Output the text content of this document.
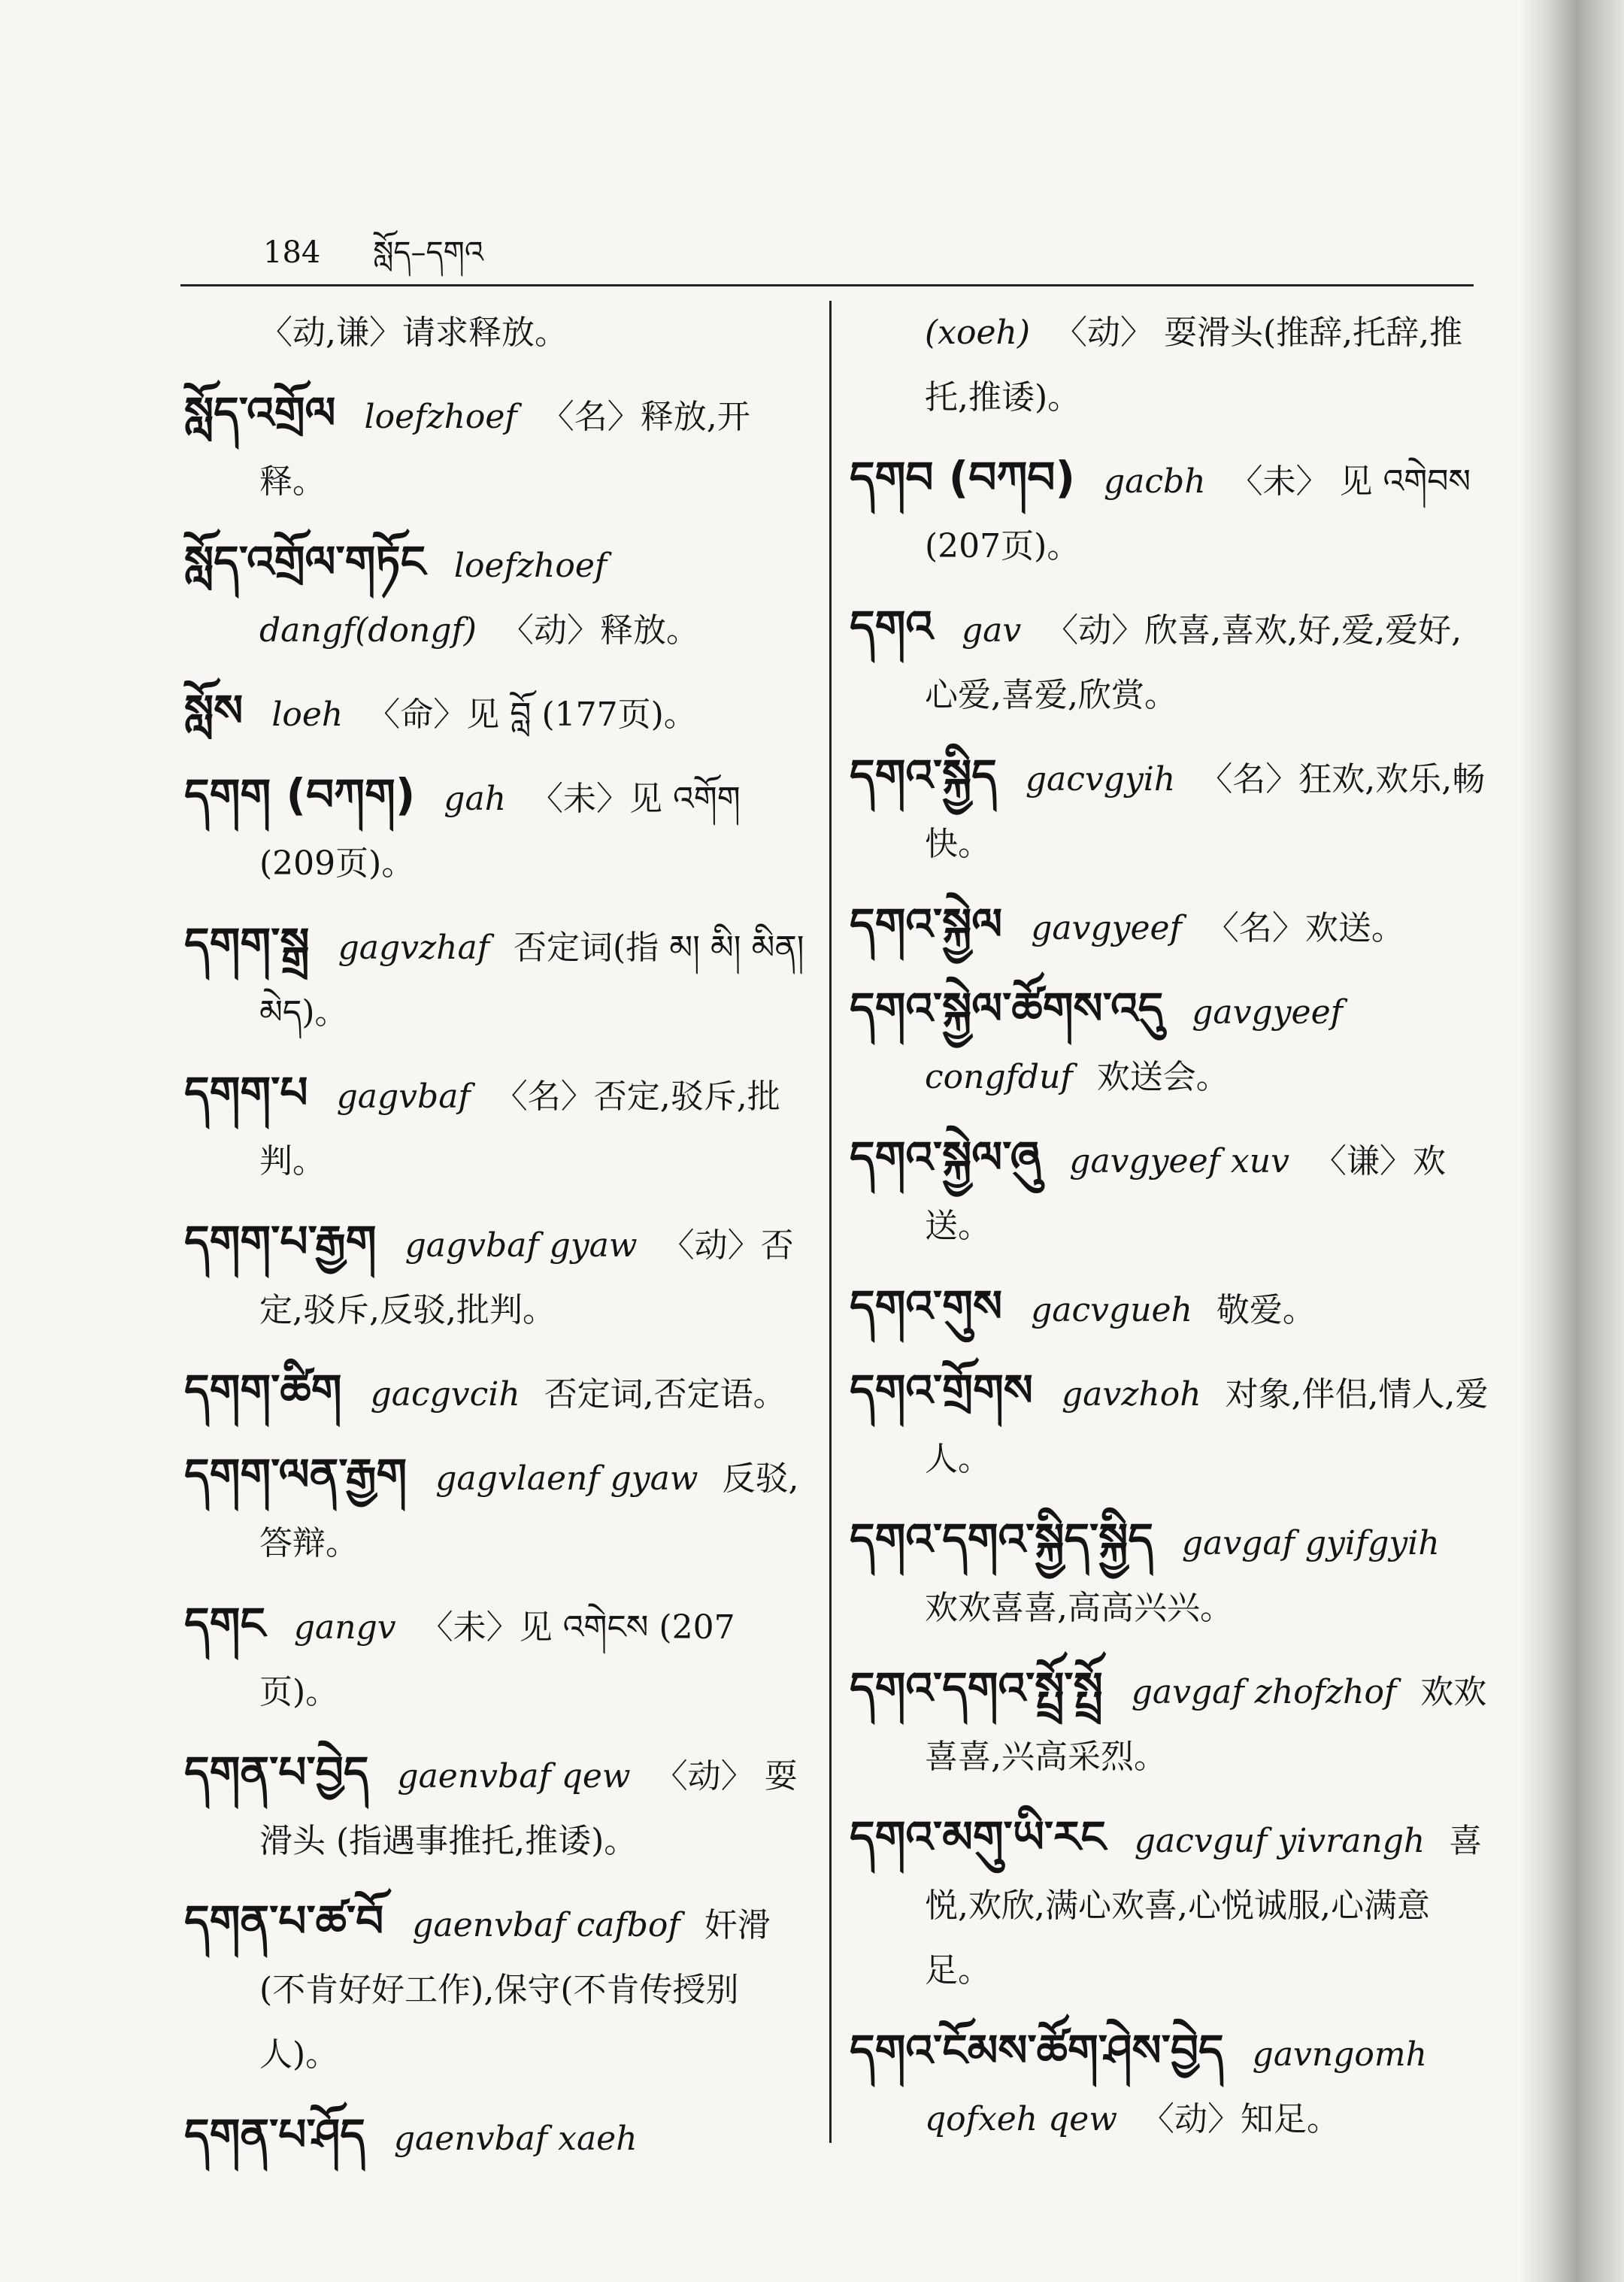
184 སློད–དགའ

〈动,谦〉请求释放。

སློད་འགྲོལ loefzhoef 〈名〉释放,开释。

སློད་འགྲོལ་གཏོང loefzhoef dangf(dongf) 〈动〉释放。

སློས loeh 〈命〉见 བློ (177页)。

དགག (བཀག) gah 〈未〉见 འགོག (209页)。

དགག་སྒྲ gagvzhaf 否定词(指 མ། མི། མིན། མེད)。

དགག་པ gagvbaf 〈名〉否定,驳斥,批判。

དགག་པ་རྒྱག gagvbaf gyaw 〈动〉否定,驳斥,反驳,批判。

དགག་ཚིག gacgvcih 否定词,否定语。

དགག་ལན་རྒྱག gagvlaenf gyaw 反驳,答辩。

དགང gangv 〈未〉见 འགེངས (207页)。

དགན་པ་བྱེད gaenvbaf qew 〈动〉 耍滑头 (指遇事推托,推诿)。

དགན་པ་ཚ་བོ gaenvbaf cafbof 奸滑(不肯好好工作),保守(不肯传授别人)。

དགན་པ་ཤོད gaenvbaf xaeh

(xoeh) 〈动〉 耍滑头(推辞,托辞,推托,推诿)。

དགབ (བཀབ) gacbh 〈未〉 见 འགེབས (207页)。

དགའ gav 〈动〉欣喜,喜欢,好,爱,爱好,心爱,喜爱,欣赏。

དགའ་སྐྱིད gacvgyih 〈名〉狂欢,欢乐,畅快。

དགའ་སྐྱེལ gavgyeef 〈名〉欢送。

དགའ་སྐྱེལ་ཚོགས་འདུ gavgyeef congfduf 欢送会。

དགའ་སྐྱེལ་ཞུ gavgyeef xuv 〈谦〉欢送。

དགའ་གུས gacvgueh 敬爱。

དགའ་གྲོགས gavzhoh 对象,伴侣,情人,爱人。

དགའ་དགའ་སྐྱིད་སྐྱིད gavgaf gyifgyih 欢欢喜喜,高高兴兴。

དགའ་དགའ་སྤྲོ་སྤྲོ gavgaf zhofzhof 欢欢喜喜,兴高采烈。

དགའ་མགུ་ཡི་རང gacvguf yivrangh 喜悦,欢欣,满心欢喜,心悦诚服,心满意足。

དགའ་ངོམས་ཚོག་ཤེས་བྱེད gavngomh qofxeh qew 〈动〉知足。
